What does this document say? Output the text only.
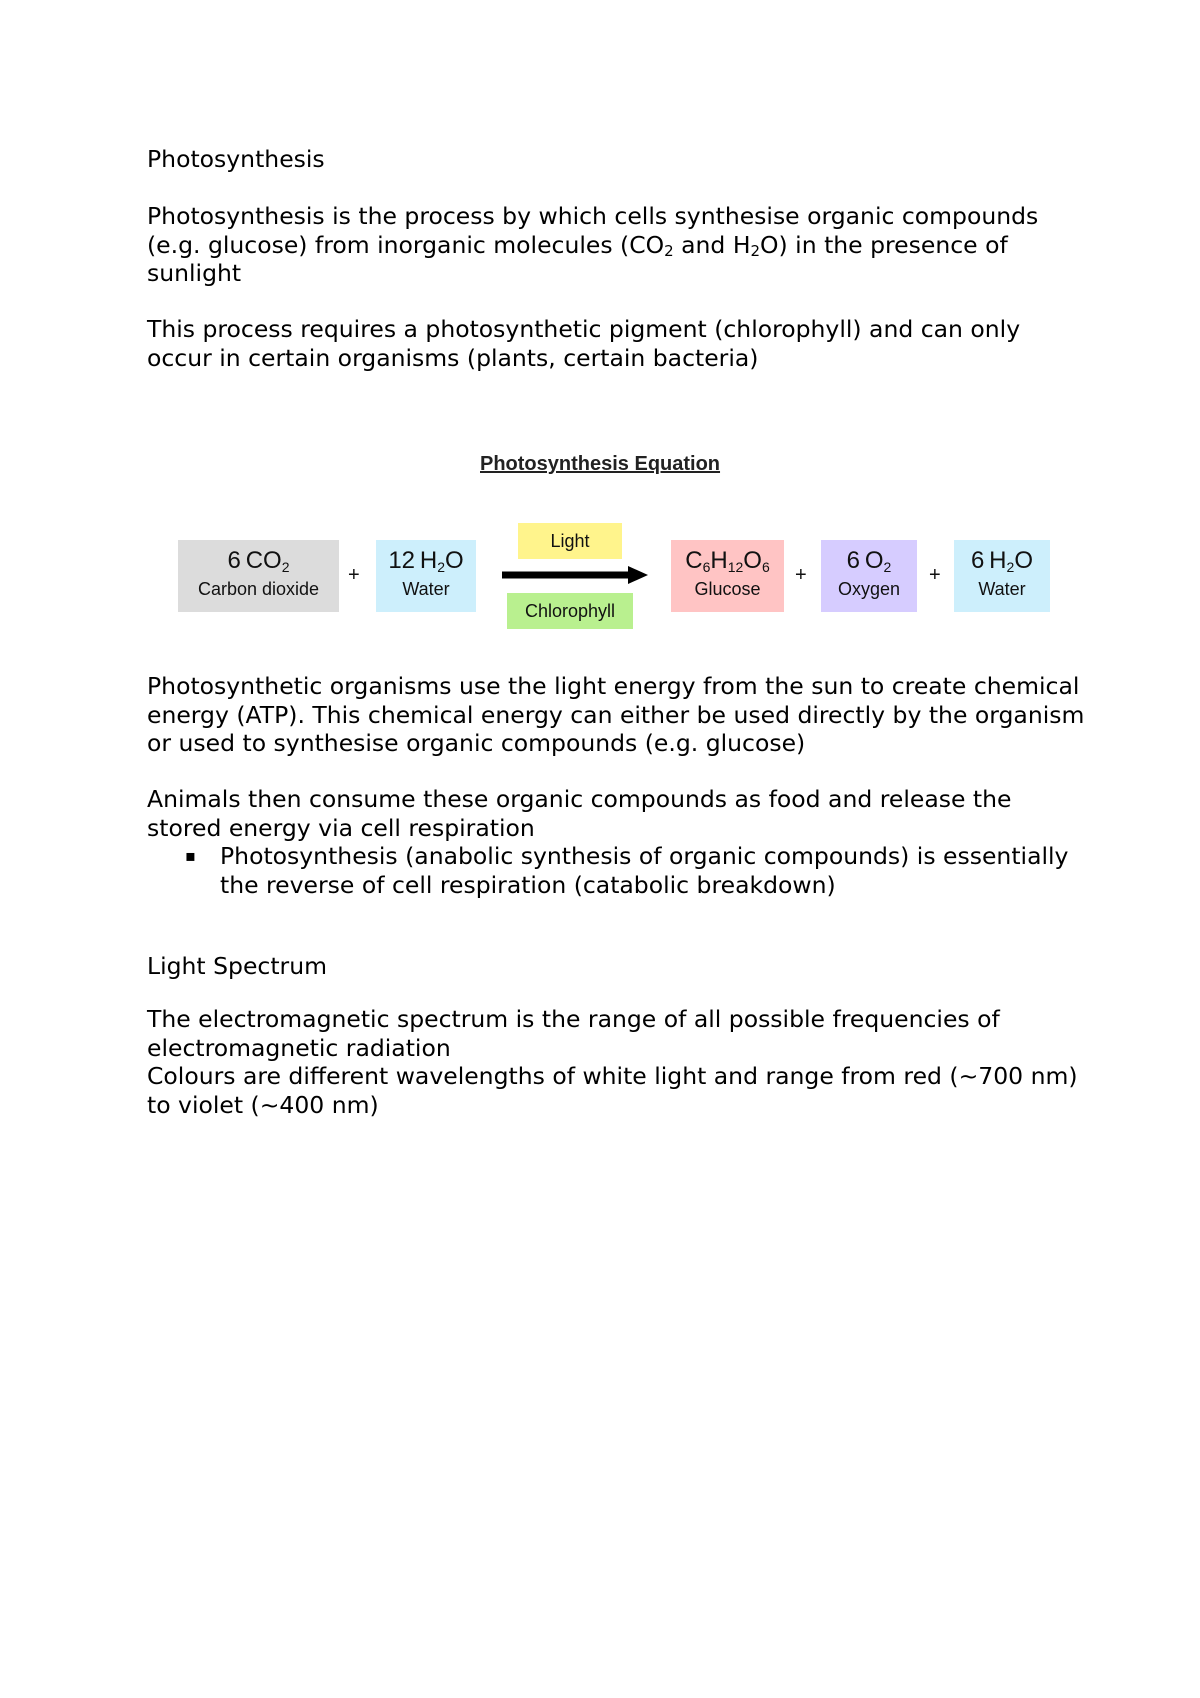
Photosynthesis

Photosynthesis is the process by which cells synthesise organic compounds (e.g. glucose) from inorganic molecules ($CO_2$ and $H_2O$) in the presence of sunlight

This process requires a photosynthetic pigment (chlorophyll) and can only occur in certain organisms (plants, certain bacteria)

Photosynthesis Equation
6  $CO_2$
Carbon dioxide
+
12  $H_2O$
Water
Light
Chlorophyll
$C_6H_{12}O_6$
Glucose
+
6  $O_2$
Oxygen
+
6  $H_2O$
Water

Photosynthetic organisms use the light energy from the sun to create chemical energy (ATP). This chemical energy can either be used directly by the organism or used to synthesise organic compounds (e.g. glucose)

Animals then consume these organic compounds as food and release the stored energy via cell respiration

▪ Photosynthesis (anabolic synthesis of organic compounds) is essentially the reverse of cell respiration (catabolic breakdown)

Light Spectrum

The electromagnetic spectrum is the range of all possible frequencies of electromagnetic radiation

Colours are different wavelengths of white light and range from red (~700 nm) to violet (~400 nm)
